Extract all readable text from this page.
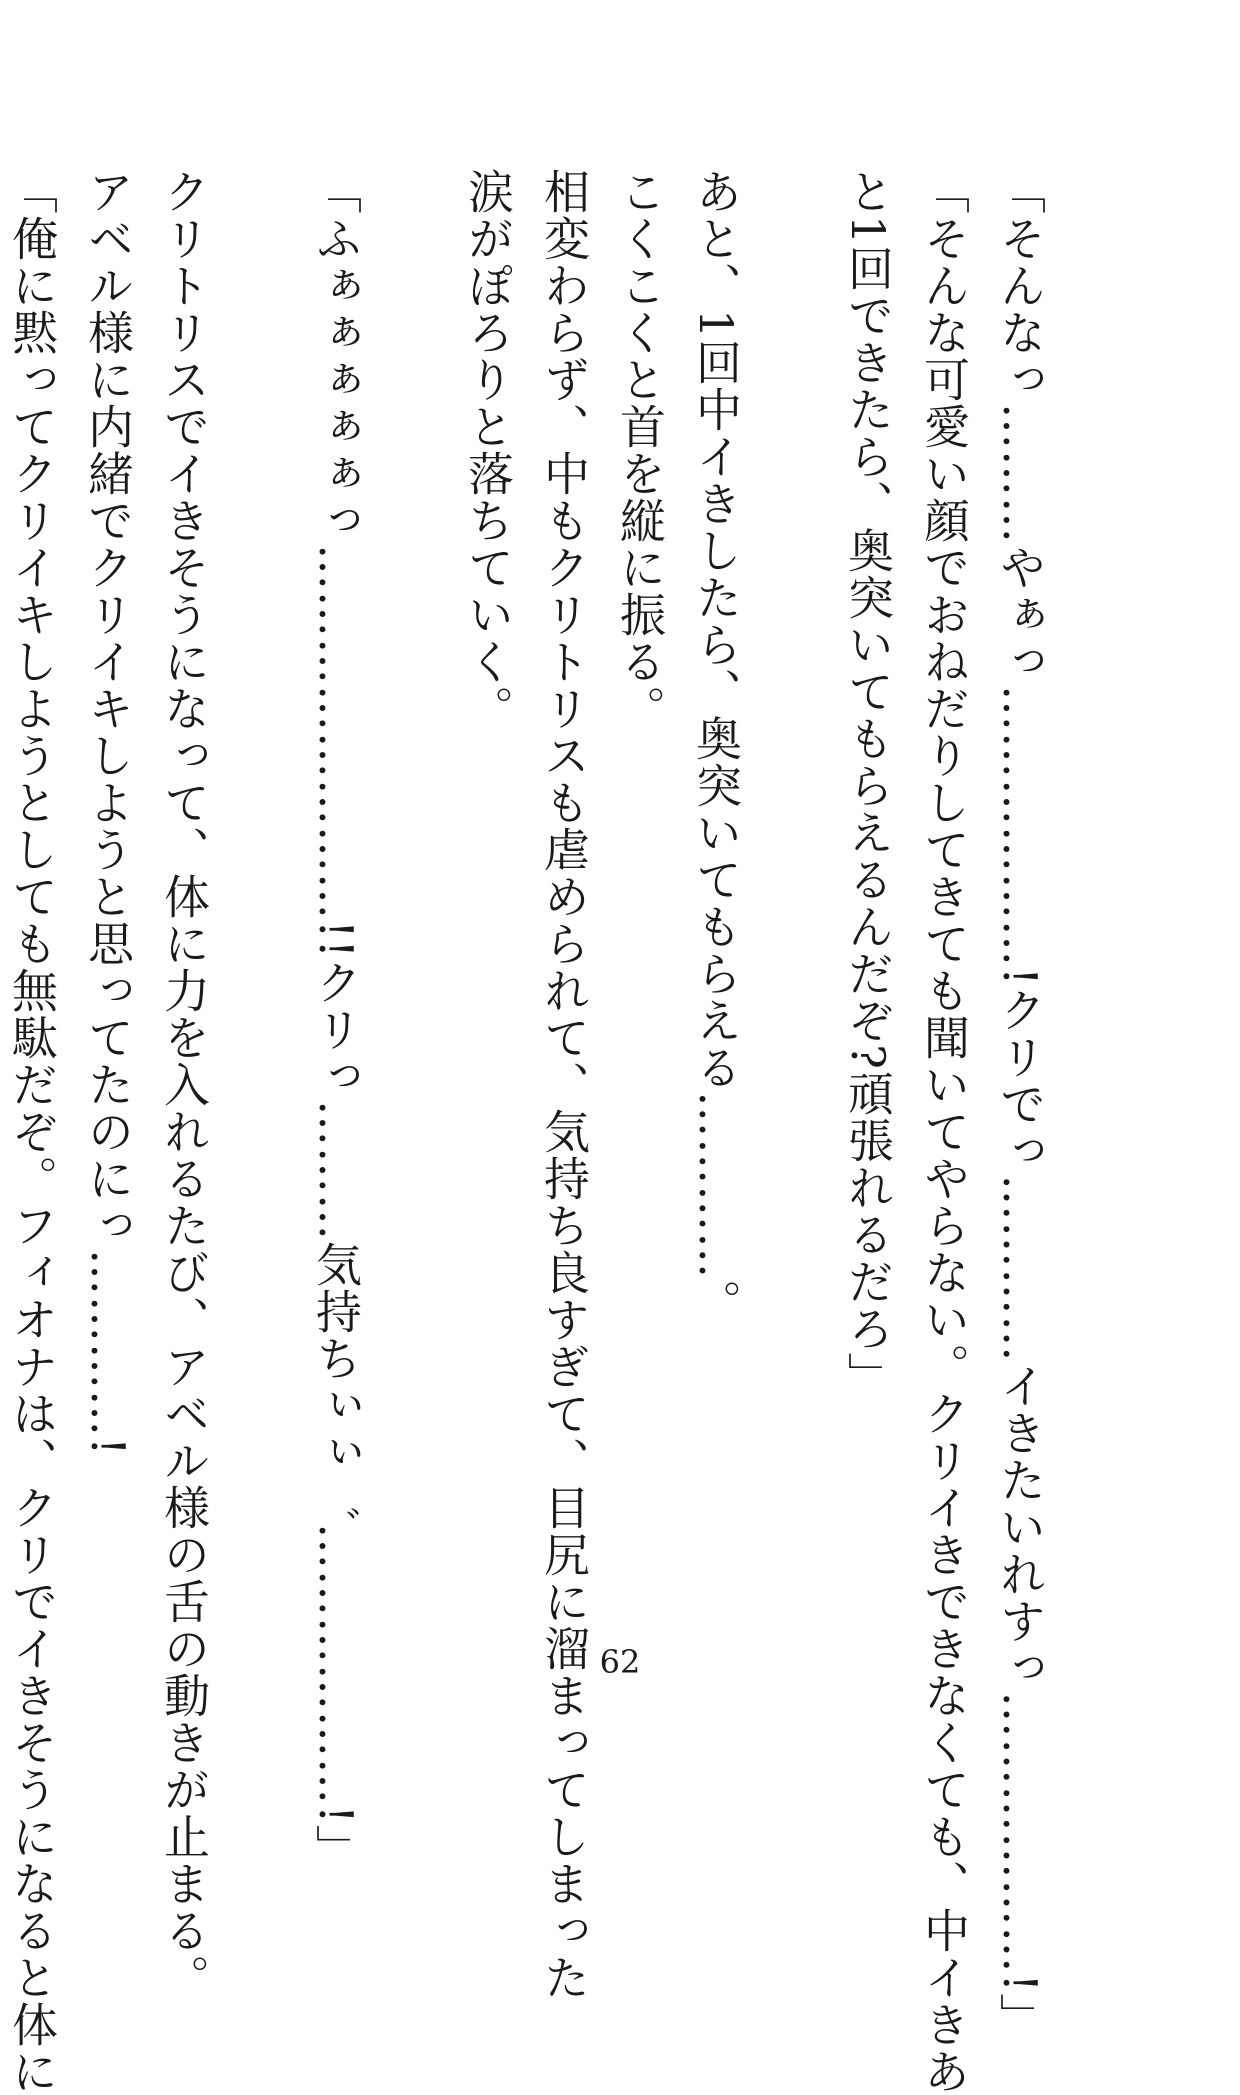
「そんなっ………やぁっ………………!クリでっ…………イきたいれすっ………………!」

「そんな可愛い顔でおねだりしてきても聞いてやらない。クリイきできなくても、中イきあ

と1回できたら、奥突いてもらえるんだぞ?頑張れるだろ」

あと、1回中イきしたら、奥突いてもらえる…………。

こくこくと首を縦に振る。

相変わらず、中もクリトリスも虐められて、気持ち良すぎて、目尻に溜まってしまった

涙がぽろりと落ちていく。

「ふぁぁぁぁぁっ……………………!!クリっ………気持ちぃぃ゛………………!」

クリトリスでイきそうになって、体に力を入れるたび、アベル様の舌の動きが止まる。

アベル様に内緒でクリイキしようと思ってたのにっ…………!

「俺に黙ってクリイキしようとしても無駄だぞ。フィオナは、クリでイきそうになると体に	62
